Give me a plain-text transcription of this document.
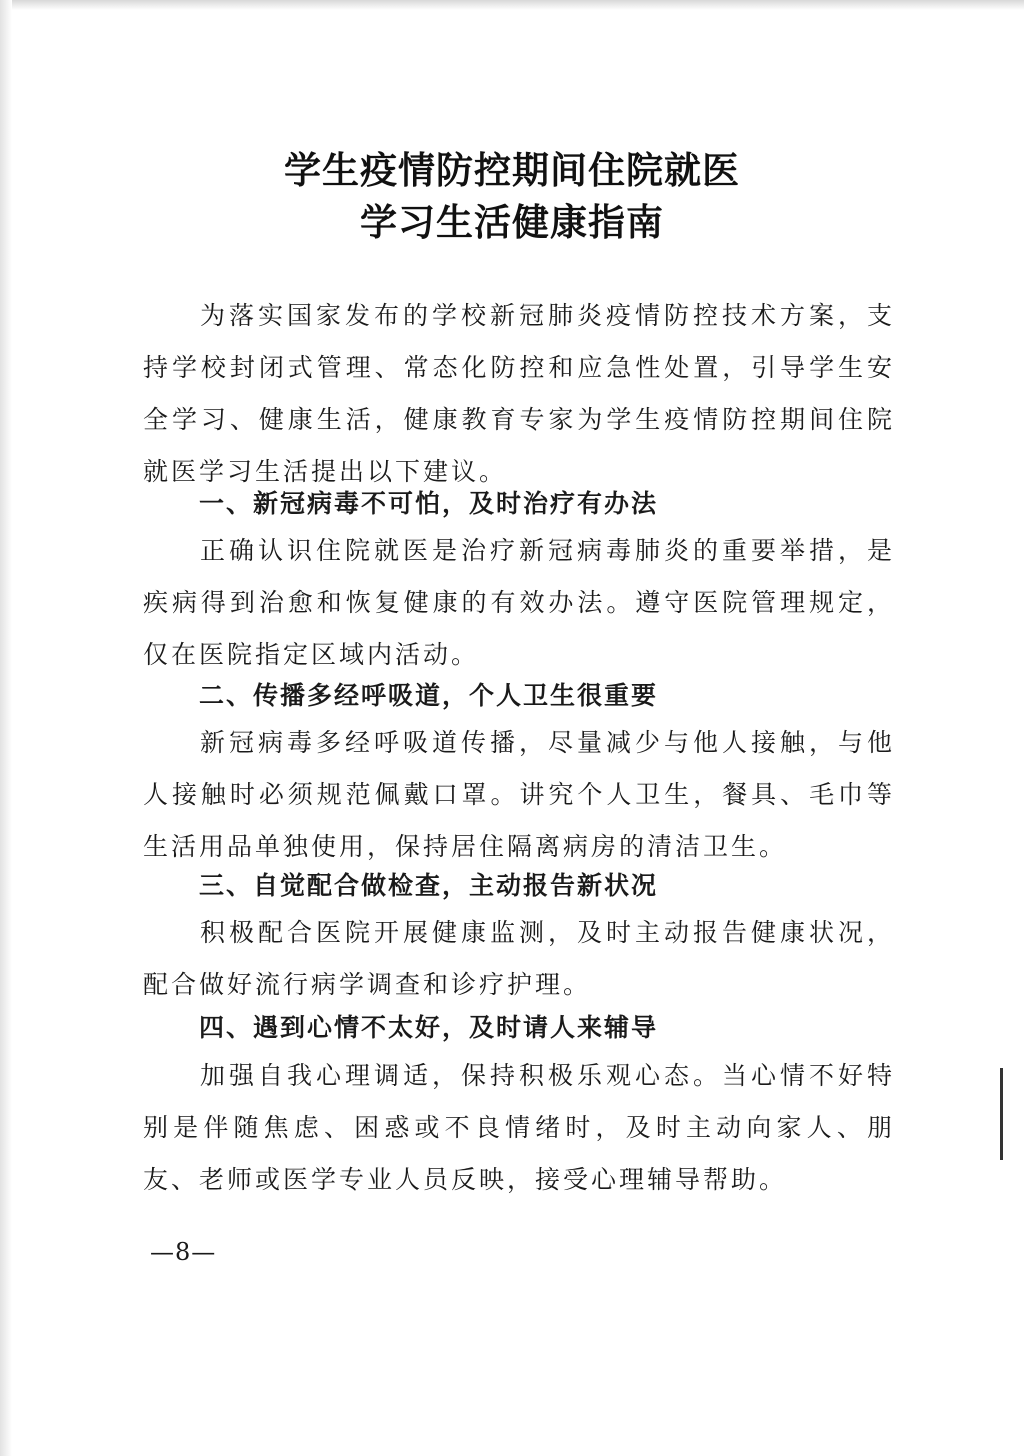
学生疫情防控期间住院就医
学习生活健康指南

为落实国家发布的学校新冠肺炎疫情防控技术方案，支持学校封闭式管理、常态化防控和应急性处置，引导学生安全学习、健康生活，健康教育专家为学生疫情防控期间住院就医学习生活提出以下建议。

一、新冠病毒不可怕，及时治疗有办法

正确认识住院就医是治疗新冠病毒肺炎的重要举措，是疾病得到治愈和恢复健康的有效办法。遵守医院管理规定，仅在医院指定区域内活动。

二、传播多经呼吸道，个人卫生很重要

新冠病毒多经呼吸道传播，尽量减少与他人接触，与他人接触时必须规范佩戴口罩。讲究个人卫生，餐具、毛巾等生活用品单独使用，保持居住隔离病房的清洁卫生。

三、自觉配合做检查，主动报告新状况

积极配合医院开展健康监测，及时主动报告健康状况，配合做好流行病学调查和诊疗护理。

四、遇到心情不太好，及时请人来辅导

加强自我心理调适，保持积极乐观心态。当心情不好特别是伴随焦虑、困惑或不良情绪时，及时主动向家人、朋友、老师或医学专业人员反映，接受心理辅导帮助。

—8—
